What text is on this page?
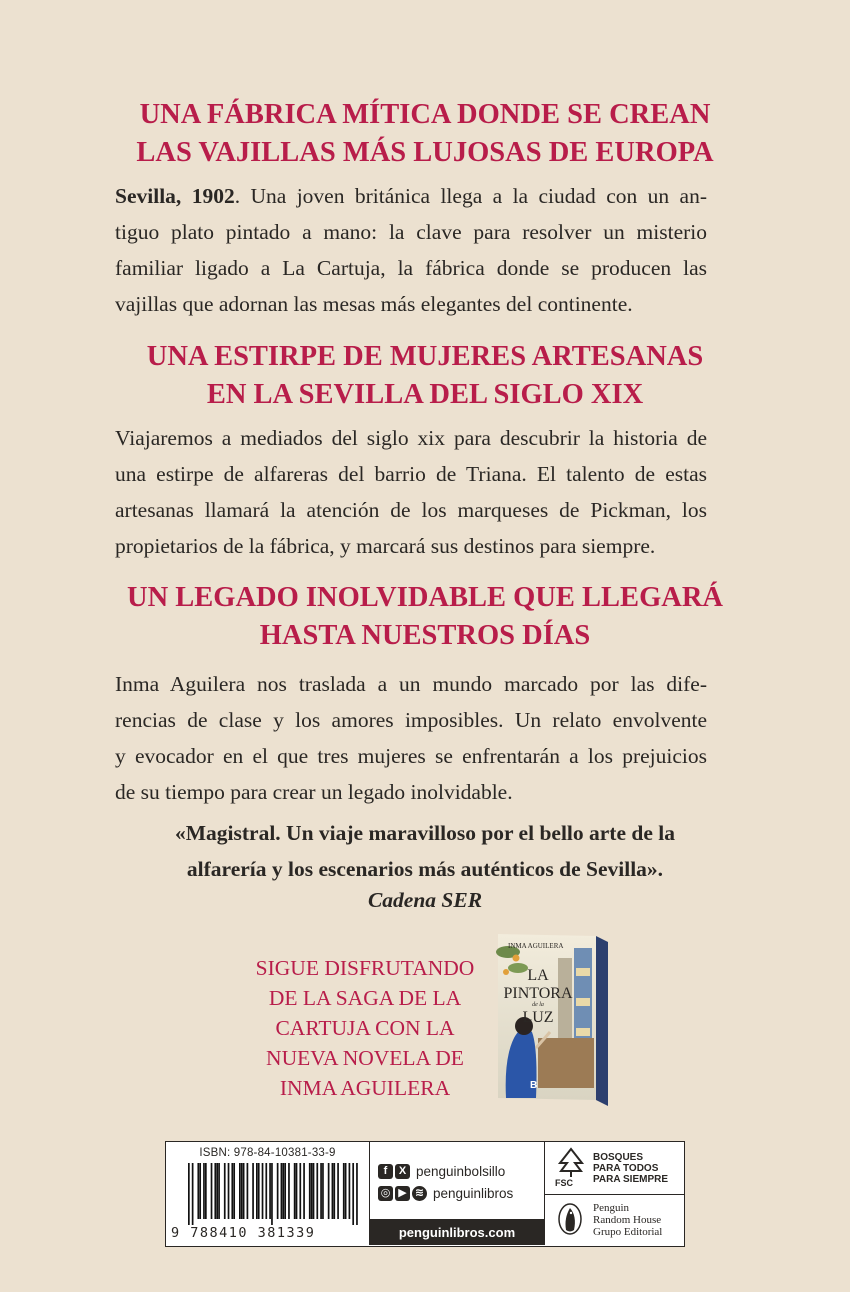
UNA FÁBRICA MÍTICA DONDE SE CREAN
LAS VAJILLAS MÁS LUJOSAS DE EUROPA

Sevilla, 1902. Una joven británica llega a la ciudad con un an-
tiguo plato pintado a mano: la clave para resolver un misterio
familiar ligado a La Cartuja, la fábrica donde se producen las
vajillas que adornan las mesas más elegantes del continente.

UNA ESTIRPE DE MUJERES ARTESANAS
EN LA SEVILLA DEL SIGLO XIX

Viajaremos a mediados del siglo xix para descubrir la historia de
una estirpe de alfareras del barrio de Triana. El talento de estas
artesanas llamará la atención de los marqueses de Pickman, los
propietarios de la fábrica, y marcará sus destinos para siempre.

UN LEGADO INOLVIDABLE QUE LLEGARÁ
HASTA NUESTROS DÍAS

Inma Aguilera nos traslada a un mundo marcado por las dife-
rencias de clase y los amores imposibles. Un relato envolvente
y evocador en el que tres mujeres se enfrentarán a los prejuicios
de su tiempo para crear un legado inolvidable.

«Magistral. Un viaje maravilloso por el bello arte de la
alfarería y los escenarios más auténticos de Sevilla».

Cadena SER

SIGUE DISFRUTANDO
DE LA SAGA DE LA
CARTUJA CON LA
NUEVA NOVELA DE
INMA AGUILERA	B
INMA AGUILERA
LA
PINTORA
de la
LUZ
ISBN: 978-84-10381-33-9
9 788410 381339
f	X penguinbolsillo
◎ ▶ ≋ penguinlibros
penguinlibros.com
FSC
BOSQUES
PARA TODOS
PARA SIEMPRE
Penguin
Random House
Grupo Editorial
